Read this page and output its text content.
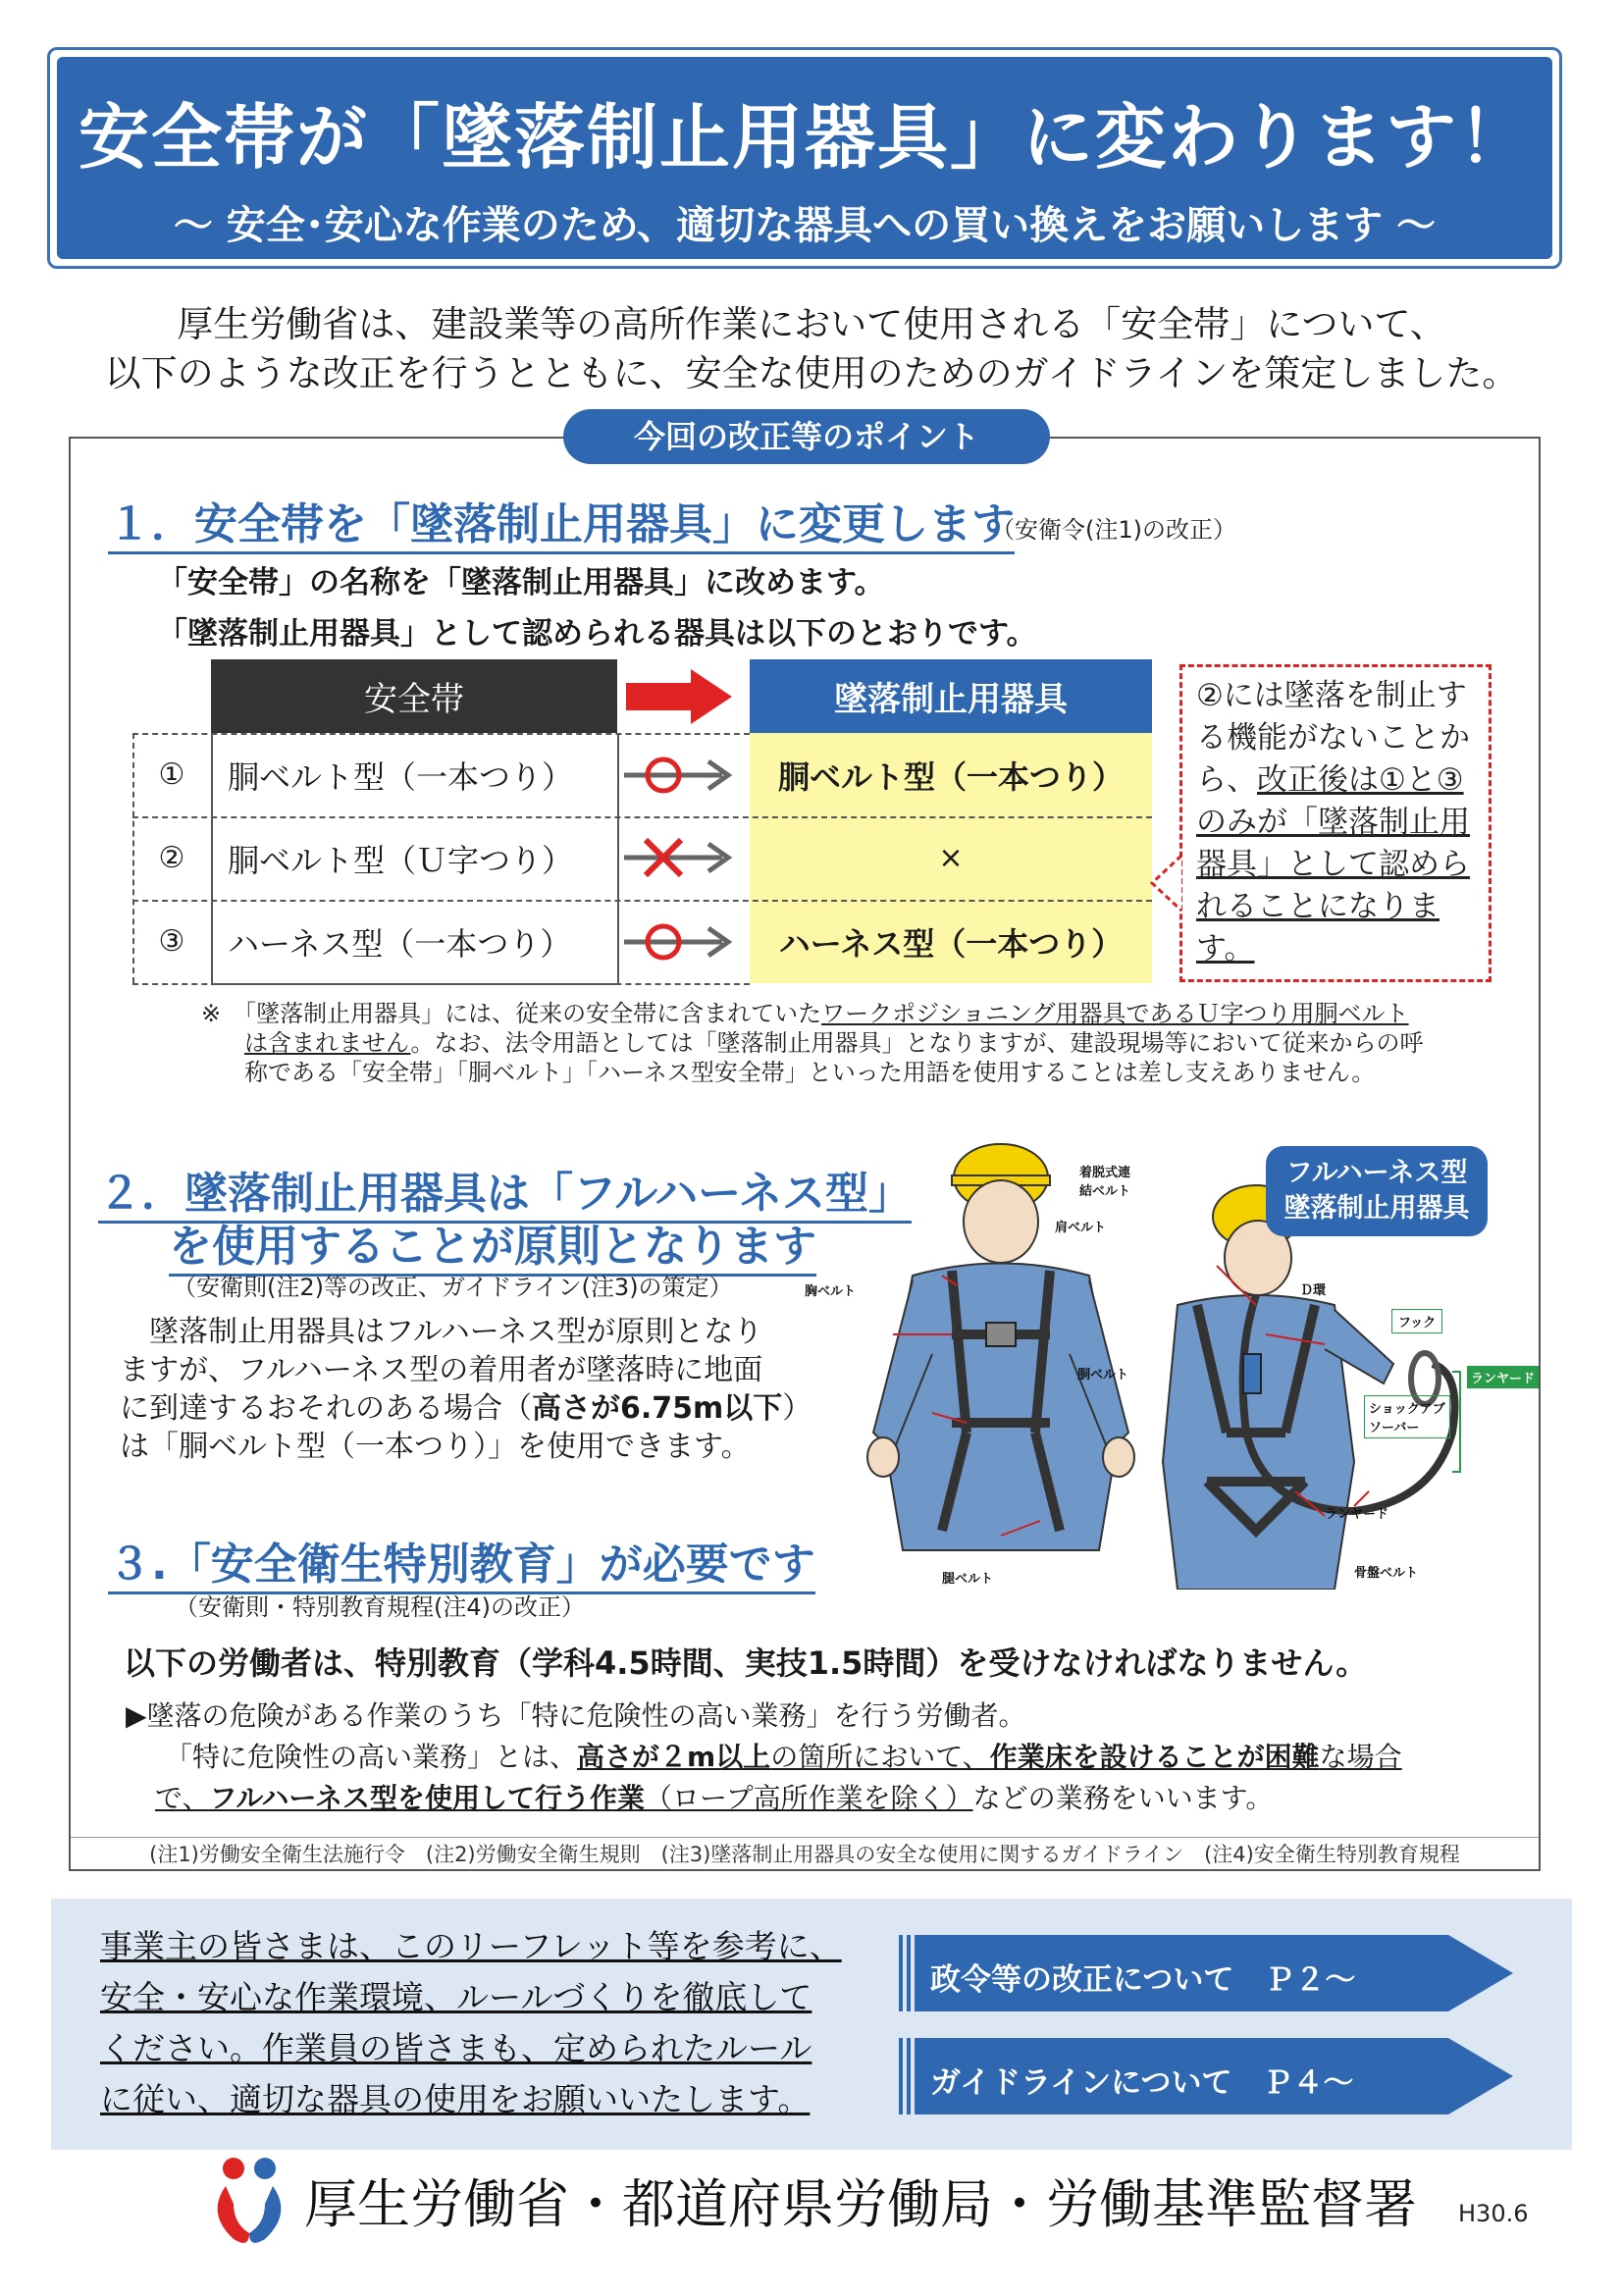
安全帯が「墜落制止用器具」に変わります！
～ 安全･安心な作業のため、適切な器具への買い換えをお願いします ～
厚生労働省は、建設業等の高所作業において使用される「安全帯」について、
以下のような改正を行うとともに、安全な使用のためのガイドラインを策定しました。
今回の改正等のポイント
１．安全帯を「墜落制止用器具」に変更します
（安衛令(注1)の改正）
「安全帯」の名称を「墜落制止用器具」に改めます。
「墜落制止用器具」として認められる器具は以下のとおりです。
安全帯	墜落制止用器具
①	胴ベルト型（一本つり）	胴ベルト型（一本つり）
②	胴ベルト型（Ｕ字つり）	×
③	ハーネス型（一本つり）	ハーネス型（一本つり）
②には墜落を制止する機能がないことから、改正後は①と③のみが「墜落制止用器具」として認められることになります。
※　 「墜落制止用器具」には、従来の安全帯に含まれていたワークポジショニング用器具であるＵ字つり用胴ベルト
は含まれません。なお、法令用語としては「墜落制止用器具」となりますが、建設現場等において従来からの呼
称である「安全帯」「胴ベルト」「ハーネス型安全帯」といった用語を使用することは差し支えありません。
２．墜落制止用器具は「フルハーネス型」
を使用することが原則となります
（安衛則(注2)等の改正、ガイドライン(注3)の策定）
墜落制止用器具はフルハーネス型が原則となり
ますが、フルハーネス型の着用者が墜落時に地面
に到達するおそれのある場合（高さが6.75m以下）
は「胴ベルト型（一本つり）」を使用できます。
着脱式連結ベルト
肩ベルト
胸ベルト
胴ベルト
腿ベルト
Ｄ環
フック
ランヤード
ショックアブソーバー
ランヤード
骨盤ベルト
フルハーネス型
墜落制止用器具
３.「安全衛生特別教育」が必要です
（安衛則・特別教育規程(注4)の改正）
以下の労働者は、特別教育（学科4.5時間、実技1.5時間）を受けなければなりません。
▶墜落の危険がある作業のうち「特に危険性の高い業務」を行う労働者。
「特に危険性の高い業務」とは、高さが２m以上の箇所において、作業床を設けることが困難な場合
で、フルハーネス型を使用して行う作業（ロープ高所作業を除く）などの業務をいいます。
(注1)労働安全衛生法施行令　(注2)労働安全衛生規則　(注3)墜落制止用器具の安全な使用に関するガイドライン　(注4)安全衛生特別教育規程
事業主の皆さまは、このリーフレット等を参考に、
安全・安心な作業環境、ルールづくりを徹底して
ください。作業員の皆さまも、定められたルール
に従い、適切な器具の使用をお願いいたします。
政令等の改正について　Ｐ２～
ガイドラインについて　Ｐ４～
厚生労働省・都道府県労働局・労働基準監督署 H30.6
